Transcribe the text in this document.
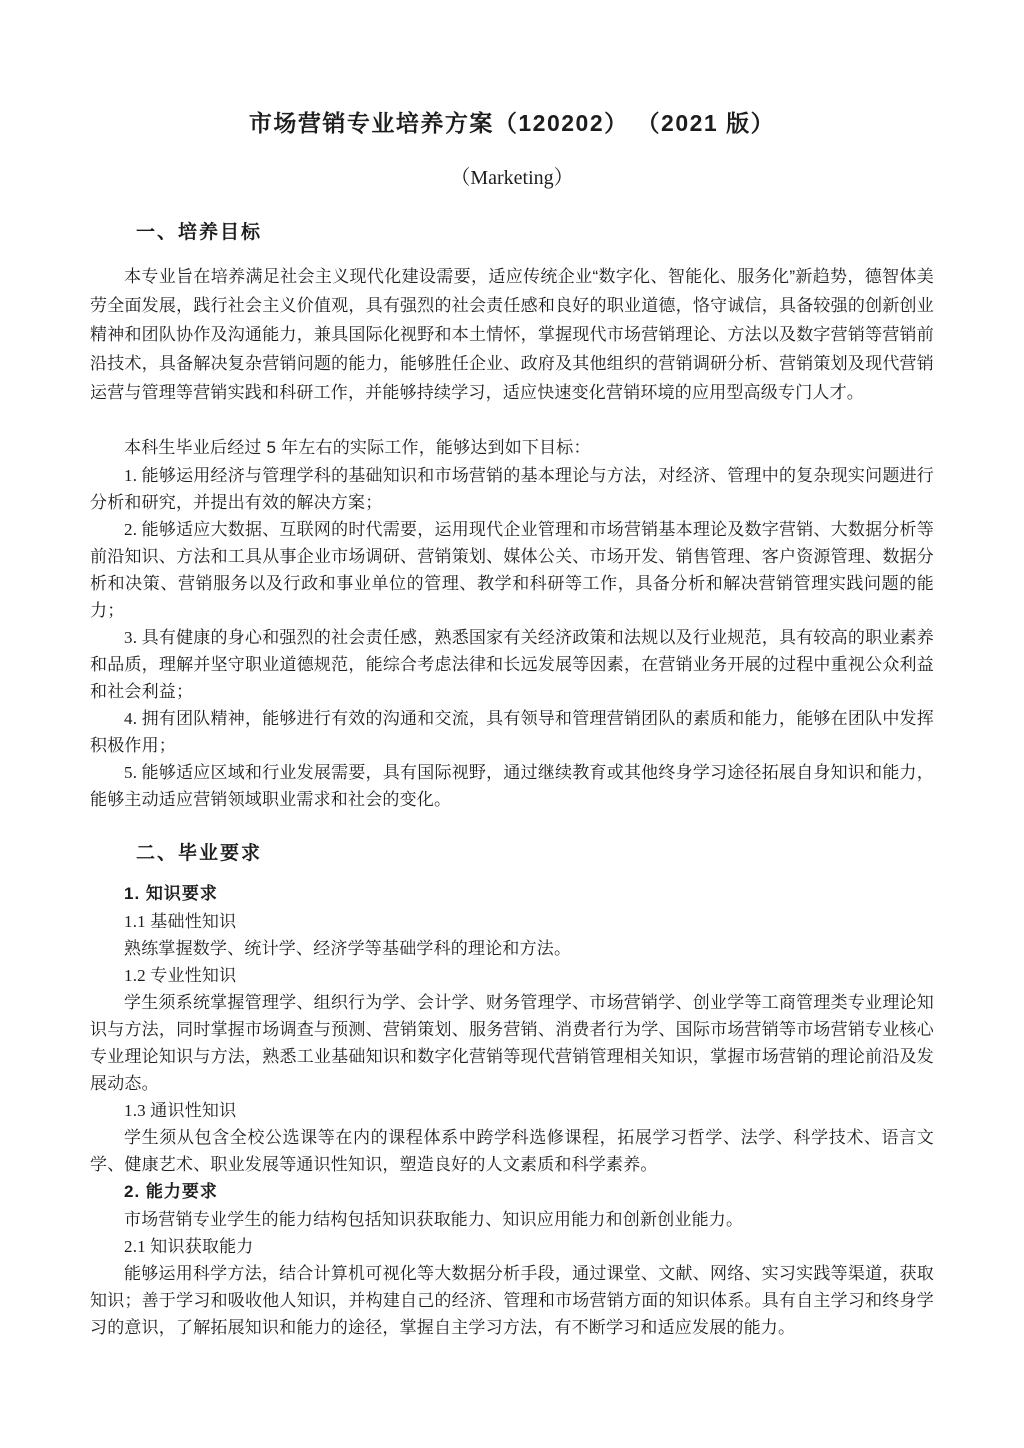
市场营销专业培养方案（120202） （2021 版）
（Marketing）
一、培养目标

本专业旨在培养满足社会主义现代化建设需要，适应传统企业“数字化、智能化、服务化”新趋势，德智体美劳全面发展，践行社会主义价值观，具有强烈的社会责任感和良好的职业道德，恪守诚信，具备较强的创新创业精神和团队协作及沟通能力，兼具国际化视野和本土情怀，掌握现代市场营销理论、方法以及数字营销等营销前沿技术，具备解决复杂营销问题的能力，能够胜任企业、政府及其他组织的营销调研分析、营销策划及现代营销运营与管理等营销实践和科研工作，并能够持续学习，适应快速变化营销环境的应用型高级专门人才。

本科生毕业后经过 5 年左右的实际工作，能够达到如下目标：

1. 能够运用经济与管理学科的基础知识和市场营销的基本理论与方法，对经济、管理中的复杂现实问题进行分析和研究，并提出有效的解决方案；

2. 能够适应大数据、互联网的时代需要，运用现代企业管理和市场营销基本理论及数字营销、大数据分析等前沿知识、方法和工具从事企业市场调研、营销策划、媒体公关、市场开发、销售管理、客户资源管理、数据分析和决策、营销服务以及行政和事业单位的管理、教学和科研等工作，具备分析和解决营销管理实践问题的能力；

3. 具有健康的身心和强烈的社会责任感，熟悉国家有关经济政策和法规以及行业规范，具有较高的职业素养和品质，理解并坚守职业道德规范，能综合考虑法律和长远发展等因素，在营销业务开展的过程中重视公众利益和社会利益；

4. 拥有团队精神，能够进行有效的沟通和交流，具有领导和管理营销团队的素质和能力，能够在团队中发挥积极作用；

5. 能够适应区域和行业发展需要，具有国际视野，通过继续教育或其他终身学习途径拓展自身知识和能力，能够主动适应营销领域职业需求和社会的变化。

二、毕业要求

1. 知识要求

1.1 基础性知识

熟练掌握数学、统计学、经济学等基础学科的理论和方法。

1.2 专业性知识

学生须系统掌握管理学、组织行为学、会计学、财务管理学、市场营销学、创业学等工商管理类专业理论知识与方法，同时掌握市场调查与预测、营销策划、服务营销、消费者行为学、国际市场营销等市场营销专业核心专业理论知识与方法，熟悉工业基础知识和数字化营销等现代营销管理相关知识，掌握市场营销的理论前沿及发展动态。

1.3 通识性知识

学生须从包含全校公选课等在内的课程体系中跨学科选修课程，拓展学习哲学、法学、科学技术、语言文学、健康艺术、职业发展等通识性知识，塑造良好的人文素质和科学素养。

2. 能力要求

市场营销专业学生的能力结构包括知识获取能力、知识应用能力和创新创业能力。

2.1 知识获取能力

能够运用科学方法，结合计算机可视化等大数据分析手段，通过课堂、文献、网络、实习实践等渠道，获取知识；善于学习和吸收他人知识，并构建自己的经济、管理和市场营销方面的知识体系。具有自主学习和终身学习的意识，了解拓展知识和能力的途径，掌握自主学习方法，有不断学习和适应发展的能力。
